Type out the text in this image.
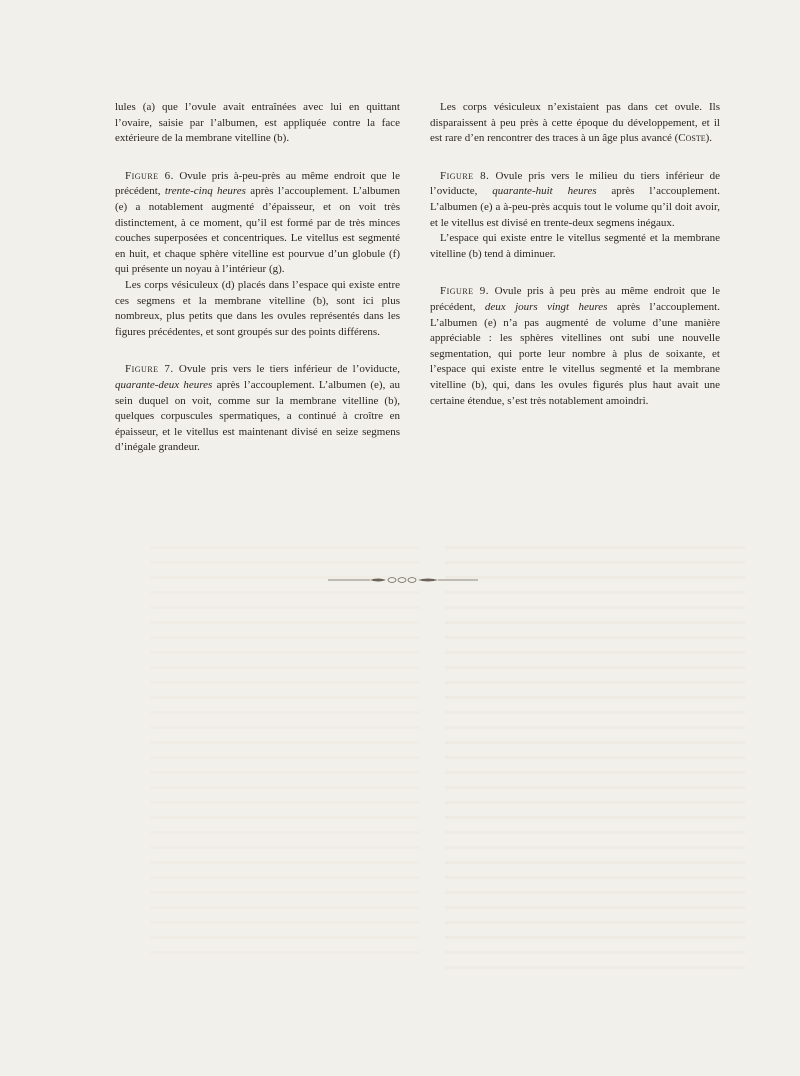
lules (a) que l’ovule avait entraînées avec lui en quittant l’ovaire, saisie par l’albumen, est appliquée contre la face extérieure de la membrane vitelline (b).

Figure 6. Ovule pris à-peu-près au même endroit que le précédent, trente-cinq heures après l’accouplement. L’albumen (e) a notablement augmenté d’épaisseur, et on voit très distinctement, à ce moment, qu’il est formé par de très minces couches superposées et concentriques. Le vitellus est segmenté en huit, et chaque sphère vitelline est pourvue d’un globule (f) qui présente un noyau à l’intérieur (g).

Les corps vésiculeux (d) placés dans l’espace qui existe entre ces segmens et la membrane vitelline (b), sont ici plus nombreux, plus petits que dans les ovules représentés dans les figures précédentes, et sont groupés sur des points différens.

Figure 7. Ovule pris vers le tiers inférieur de l’oviducte, quarante-deux heures après l’accouplement. L’albumen (e), au sein duquel on voit, comme sur la membrane vitelline (b), quelques corpuscules spermatiques, a continué à croître en épaisseur, et le vitellus est maintenant divisé en seize segmens d’inégale grandeur.

Les corps vésiculeux n’existaient pas dans cet ovule. Ils disparaissent à peu près à cette époque du développement, et il est rare d’en rencontrer des traces à un âge plus avancé (Coste).

Figure 8. Ovule pris vers le milieu du tiers inférieur de l’oviducte, quarante-huit heures après l’accouplement. L’albumen (e) a à-peu-près acquis tout le volume qu’il doit avoir, et le vitellus est divisé en trente-deux segmens inégaux.

L’espace qui existe entre le vitellus segmenté et la membrane vitelline (b) tend à diminuer.

Figure 9. Ovule pris à peu près au même endroit que le précédent, deux jours vingt heures après l’accouplement. L’albumen (e) n’a pas augmenté de volume d’une manière appréciable : les sphères vitellines ont subi une nouvelle segmentation, qui porte leur nombre à plus de soixante, et l’espace qui existe entre le vitellus segmenté et la membrane vitelline (b), qui, dans les ovules figurés plus haut avait une certaine étendue, s’est très notablement amoindri.
